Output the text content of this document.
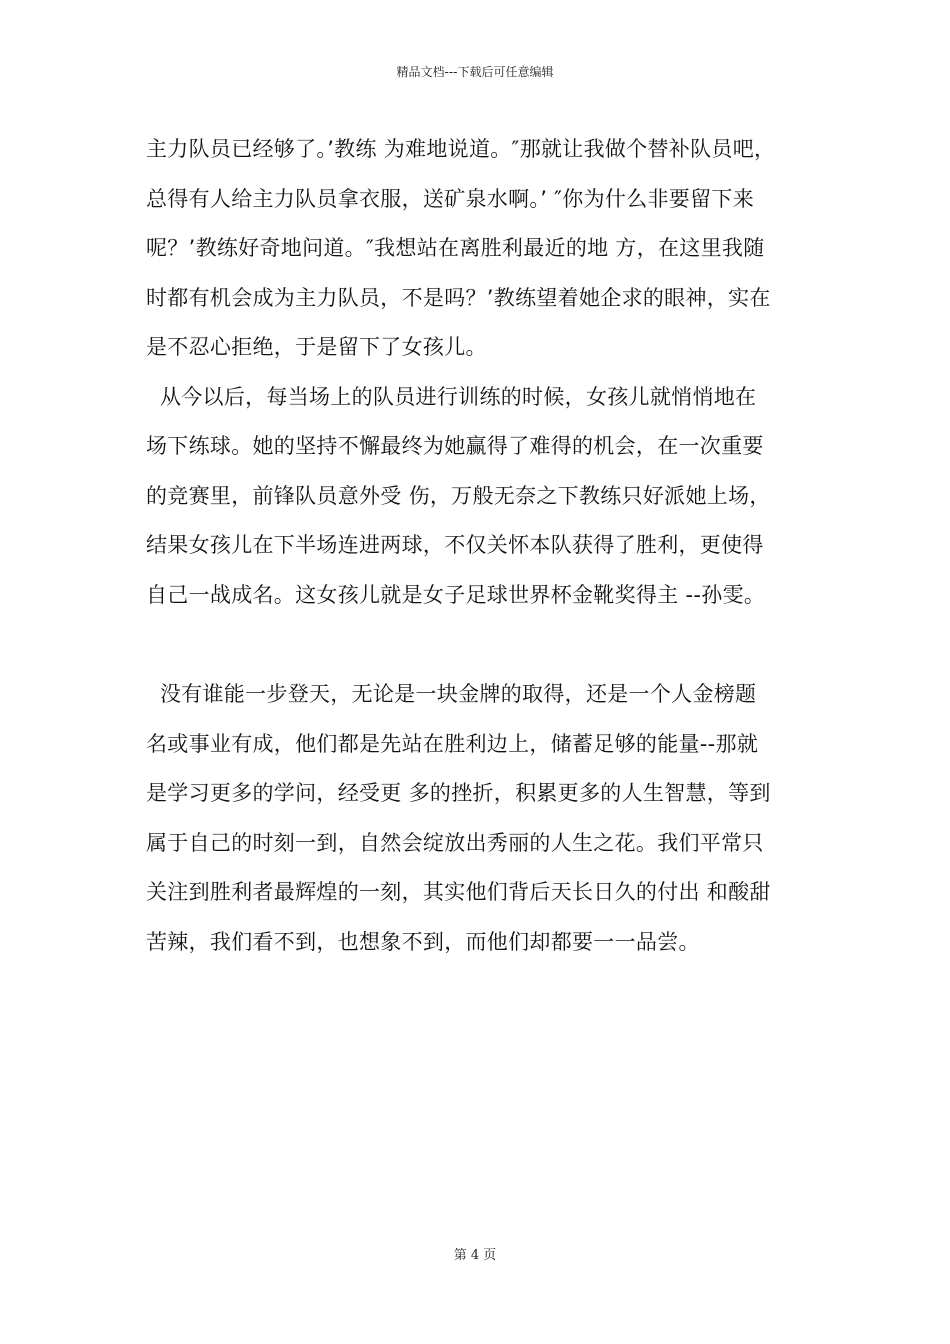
精品文档---下载后可任意编辑
主力队员已经够了。’教练 为难地说道。″那就让我做个替补队员吧，
总得有人给主力队员拿衣服，送矿泉水啊。’ ″你为什么非要留下来
呢？’教练好奇地问道。″我想站在离胜利最近的地 方，在这里我随
时都有机会成为主力队员，不是吗？’教练望着她企求的眼神，实在
是不忍心拒绝，于是留下了女孩儿。
从今以后，每当场上的队员进行训练的时候，女孩儿就悄悄地在
场下练球。她的坚持不懈最终为她赢得了难得的机会，在一次重要
的竞赛里，前锋队员意外受 伤，万般无奈之下教练只好派她上场，
结果女孩儿在下半场连进两球，不仅关怀本队获得了胜利，更使得
自己一战成名。这女孩儿就是女子足球世界杯金靴奖得主 --孙雯。
没有谁能一步登天，无论是一块金牌的取得，还是一个人金榜题
名或事业有成，他们都是先站在胜利边上，储蓄足够的能量--那就
是学习更多的学问，经受更 多的挫折，积累更多的人生智慧，等到
属于自己的时刻一到，自然会绽放出秀丽的人生之花。我们平常只
关注到胜利者最辉煌的一刻，其实他们背后天长日久的付出 和酸甜
苦辣，我们看不到，也想象不到，而他们却都要一一品尝。
第 4 页
